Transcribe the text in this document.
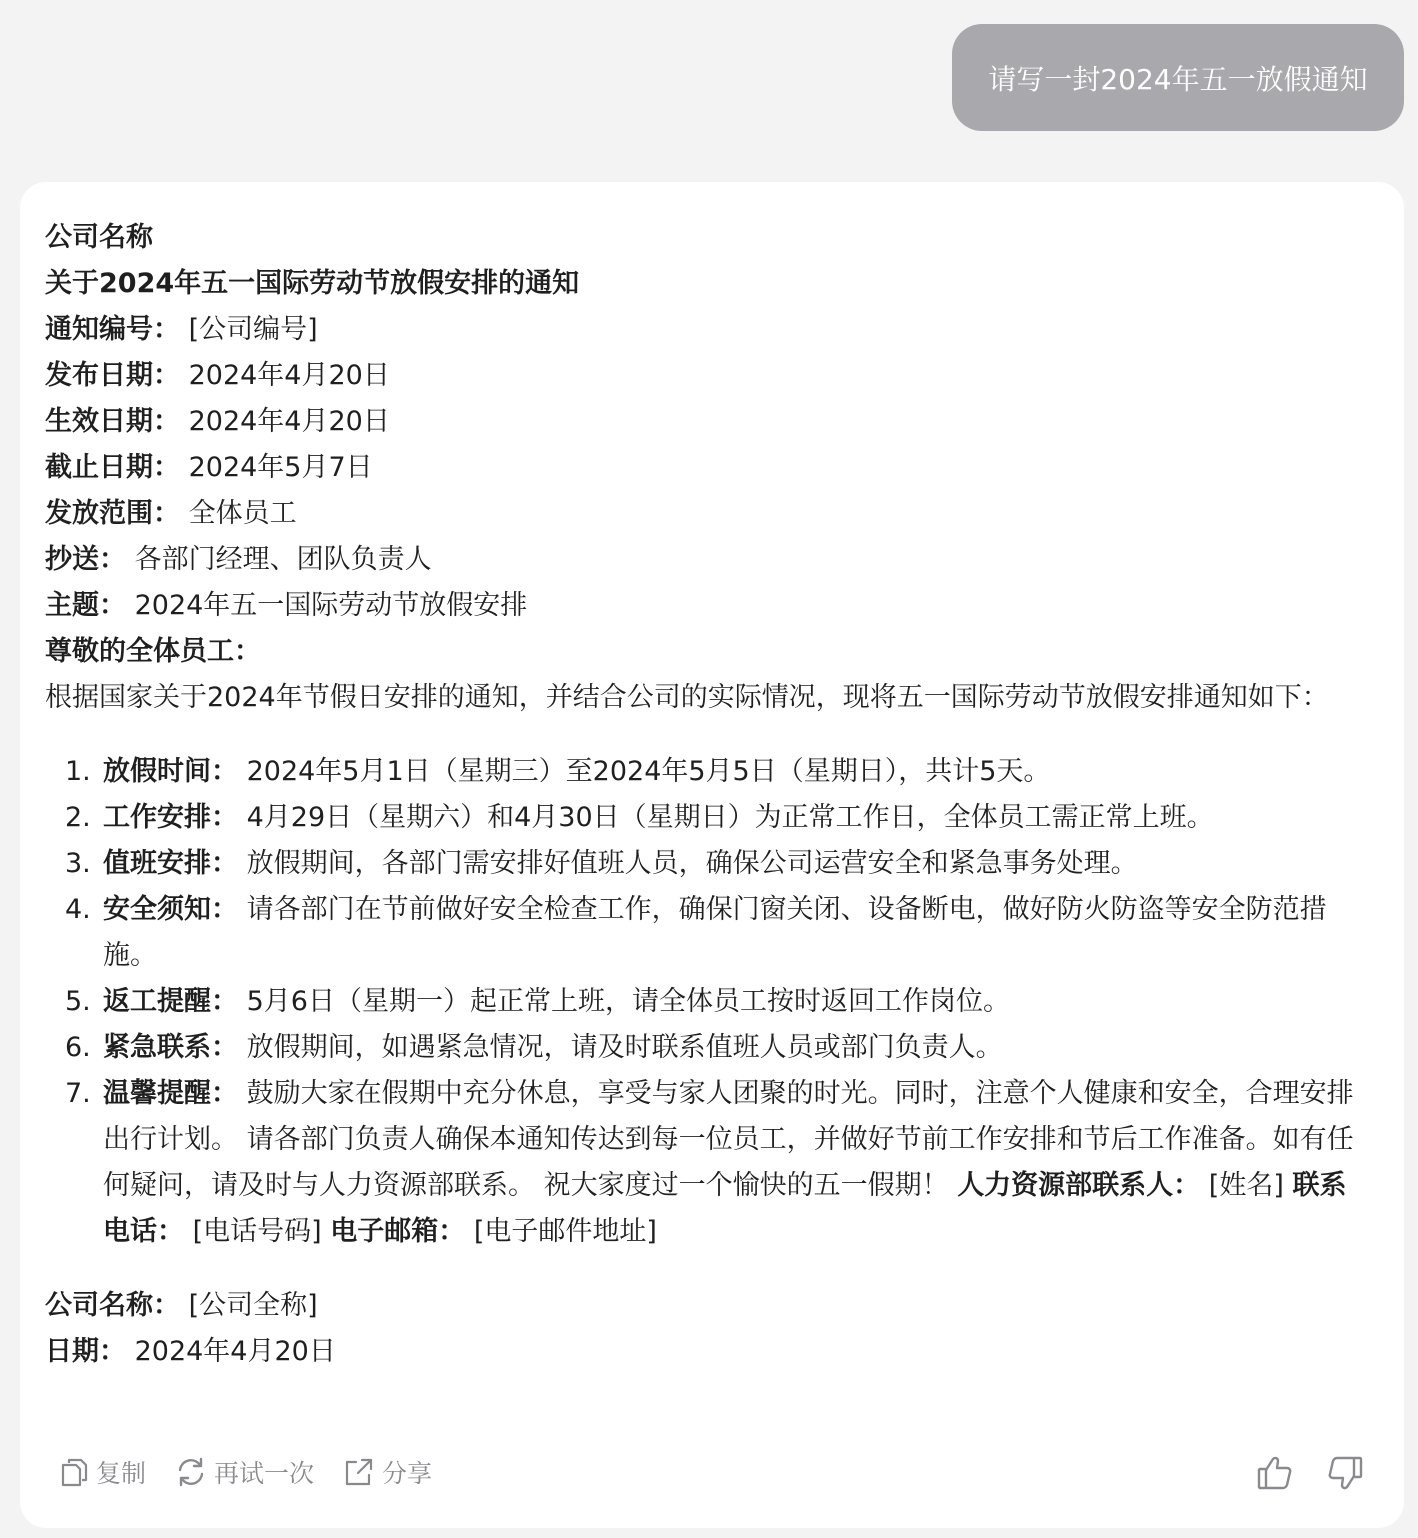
请写一封2024年五一放假通知
公司名称
关于2024年五一国际劳动节放假安排的通知
通知编号： [公司编号]
发布日期： 2024年4月20日
生效日期： 2024年4月20日
截止日期： 2024年5月7日
发放范围： 全体员工
抄送： 各部门经理、团队负责人
主题： 2024年五一国际劳动节放假安排
尊敬的全体员工：
根据国家关于2024年节假日安排的通知，并结合公司的实际情况，现将五一国际劳动节放假安排通知如下：
1. 放假时间： 2024年5月1日（星期三）至2024年5月5日（星期日），共计5天。
2. 工作安排： 4月29日（星期六）和4月30日（星期日）为正常工作日，全体员工需正常上班。
3. 值班安排： 放假期间，各部门需安排好值班人员，确保公司运营安全和紧急事务处理。
4. 安全须知： 请各部门在节前做好安全检查工作，确保门窗关闭、设备断电，做好防火防盗等安全防范措施。
5. 返工提醒： 5月6日（星期一）起正常上班，请全体员工按时返回工作岗位。
6. 紧急联系： 放假期间，如遇紧急情况，请及时联系值班人员或部门负责人。
7. 温馨提醒： 鼓励大家在假期中充分休息，享受与家人团聚的时光。同时，注意个人健康和安全，合理安排出行计划。 请各部门负责人确保本通知传达到每一位员工，并做好节前工作安排和节后工作准备。如有任何疑问，请及时与人力资源部联系。 祝大家度过一个愉快的五一假期！ 人力资源部联系人： [姓名] 联系电话： [电话号码] 电子邮箱： [电子邮件地址]
公司名称： [公司全称]
日期： 2024年4月20日
复制	再试一次	分享
